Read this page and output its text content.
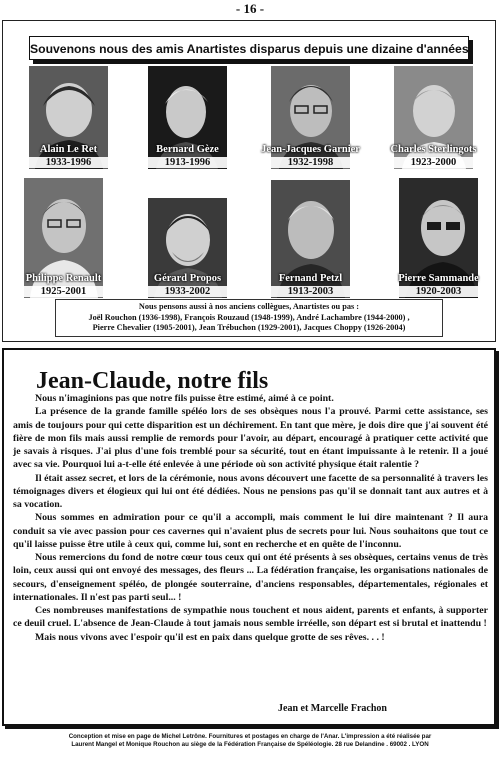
- 16 -
Souvenons nous des amis Anartistes disparus depuis une dizaine d'années.
Alain Le Ret
1933-1996
Bernard Gèze
1913-1996
Jean-Jacques Garnier
1932-1998
Charles Sterlingots
1923-2000
Philippe Renault
1925-2001
Gérard Propos
1933-2002
Fernand Petzl
1913-2003
Pierre Sammande
1920-2003
Nous pensons aussi à nos anciens collègues, Anartistes ou pas :
Joël Rouchon (1936-1998), François Rouzaud (1948-1999), André Lachambre (1944-2000) ,
Pierre Chevalier (1905-2001), Jean Trébuchon (1929-2001), Jacques Choppy (1926-2004)
Jean-Claude, notre fils

Nous n'imaginions pas que notre fils puisse être estimé, aimé à ce point.

La présence de la grande famille spéléo lors de ses obsèques nous l'a prouvé. Parmi cette assistance, ses amis de toujours pour qui cette disparition est un déchirement. En tant que mère, je dois dire que j'ai souvent été fière de mon fils mais aussi remplie de remords pour l'avoir, au départ, encouragé à pratiquer cette activité que je savais à risques. J'ai plus d'une fois tremblé pour sa sécurité, tout en étant impuissante à le retenir. Il a joué avec sa vie. Pourquoi lui a-t-elle été enlevée à une période où son activité physique était ralentie ?

Il était assez secret, et lors de la cérémonie, nous avons découvert une facette de sa personnalité à travers les témoignages divers et élogieux qui lui ont été dédiées. Nous ne pensions pas qu'il se donnait tant aux autres et à sa vocation.

Nous sommes en admiration pour ce qu'il a accompli, mais comment le lui dire maintenant ? Il aura conduit sa vie avec passion pour ces cavernes qui n'avaient plus de secrets pour lui. Nous souhaitons que tout ce qu'il laisse puisse être utile à ceux qui, comme lui, sont en recherche et en quête de l'inconnu.

Nous remercions du fond de notre cœur tous ceux qui ont été présents à ses obsèques, certains venus de très loin, ceux aussi qui ont envoyé des messages, des fleurs ... La fédération française, les organisations nationales de secours, d'enseignement spéléo, de plongée souterraine, d'anciens responsables, départementales, régionales et internationales. Il n'est pas parti seul... !

Ces nombreuses manifestations de sympathie nous touchent et nous aident, parents et enfants, à supporter ce deuil cruel. L'absence de Jean-Claude à tout jamais nous semble irréelle, son départ est si brutal et inattendu !

Mais nous vivons avec l'espoir qu'il est en paix dans quelque grotte de ses rêves. . . !

Jean et Marcelle Frachon
Conception et mise en page de Michel Letrône. Fournitures et postages en charge de l'Anar. L'impression a été réalisée par
Laurent Mangel et Monique Rouchon au siège de la Fédération Française de Spéléologie. 28 rue Delandine . 69002 . LYON
